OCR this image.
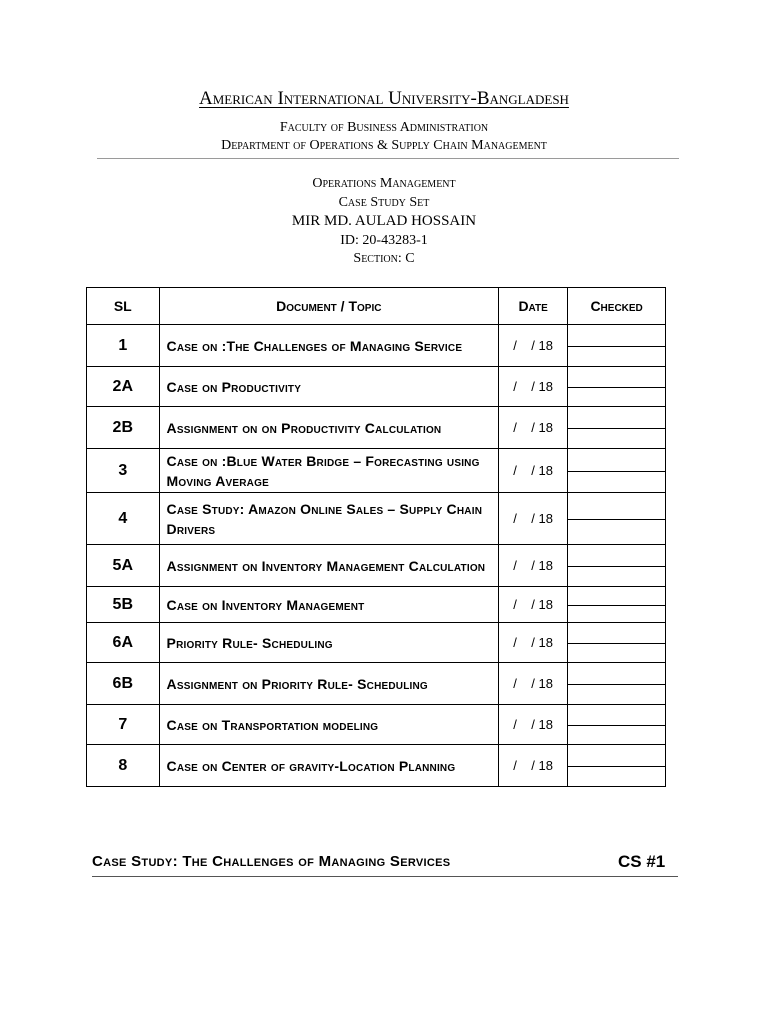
American International University-Bangladesh
Faculty of Business Administration
Department of Operations & Supply Chain Management
Operations Management
Case Study Set
MIR MD. AULAD HOSSAIN
ID: 20-43283-1
Section: C
SL	Document / Topic	Date	Checked
1	Case on :The Challenges of Managing Service	/    / 18	

2A	Case on Productivity	/    / 18	

2B	Assignment on on Productivity Calculation	/    / 18	

3	Case on :Blue Water Bridge – Forecasting using Moving Average	/    / 18	

4	Case Study: Amazon Online Sales – Supply Chain Drivers	/    / 18	

5A	Assignment on Inventory Management Calculation	/    / 18	

5B	Case on Inventory Management	/    / 18	

6A	Priority Rule- Scheduling	/    / 18	

6B	Assignment on Priority Rule- Scheduling	/    / 18	

7	Case on Transportation modeling	/    / 18	

8	Case on Center of gravity-Location Planning	/    / 18	
Case Study: The Challenges of Managing Services	CS #1
